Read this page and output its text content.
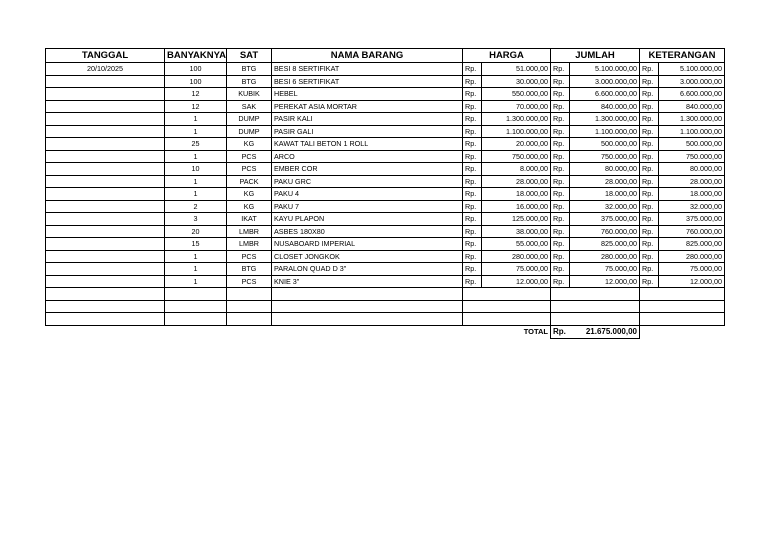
TANGGAL	BANYAKNYA	SAT	NAMA BARANG	HARGA		JUMLAH		KETERANGAN	
20/10/2025	100	BTG	BESI 8 SERTIFIKAT	Rp.	51.000,00	Rp.	5.100.000,00	Rp.	5.100.000,00
	100	BTG	BESI 6 SERTIFIKAT	Rp.	30.000,00	Rp.	3.000.000,00	Rp.	3.000.000,00
	12	KUBIK	HEBEL	Rp.	550.000,00	Rp.	6.600.000,00	Rp.	6.600.000,00
	12	SAK	PEREKAT ASIA MORTAR	Rp.	70.000,00	Rp.	840.000,00	Rp.	840.000,00
	1	DUMP	PASIR KALI	Rp.	1.300.000,00	Rp.	1.300.000,00	Rp.	1.300.000,00
	1	DUMP	PASIR GALI	Rp.	1.100.000,00	Rp.	1.100.000,00	Rp.	1.100.000,00
	25	KG	KAWAT TALI BETON 1 ROLL	Rp.	20.000,00	Rp.	500.000,00	Rp.	500.000,00
	1	PCS	ARCO	Rp.	750.000,00	Rp.	750.000,00	Rp.	750.000,00
	10	PCS	EMBER COR	Rp.	8.000,00	Rp.	80.000,00	Rp.	80.000,00
	1	PACK	PAKU GRC	Rp.	28.000,00	Rp.	28.000,00	Rp.	28.000,00
	1	KG	PAKU 4	Rp.	18.000,00	Rp.	18.000,00	Rp.	18.000,00
	2	KG	PAKU 7	Rp.	16.000,00	Rp.	32.000,00	Rp.	32.000,00
	3	IKAT	KAYU PLAPON	Rp.	125.000,00	Rp.	375.000,00	Rp.	375.000,00
	20	LMBR	ASBES 180X80	Rp.	38.000,00	Rp.	760.000,00	Rp.	760.000,00
	15	LMBR	NUSABOARD IMPERIAL	Rp.	55.000,00	Rp.	825.000,00	Rp.	825.000,00
	1	PCS	CLOSET JONGKOK	Rp.	280.000,00	Rp.	280.000,00	Rp.	280.000,00
	1	BTG	PARALON QUAD D 3"	Rp.	75.000,00	Rp.	75.000,00	Rp.	75.000,00
	1	PCS	KNIE 3"	Rp.	12.000,00	Rp.	12.000,00	Rp.	12.000,00

				TOTAL		Rp.	21.675.000,00		
